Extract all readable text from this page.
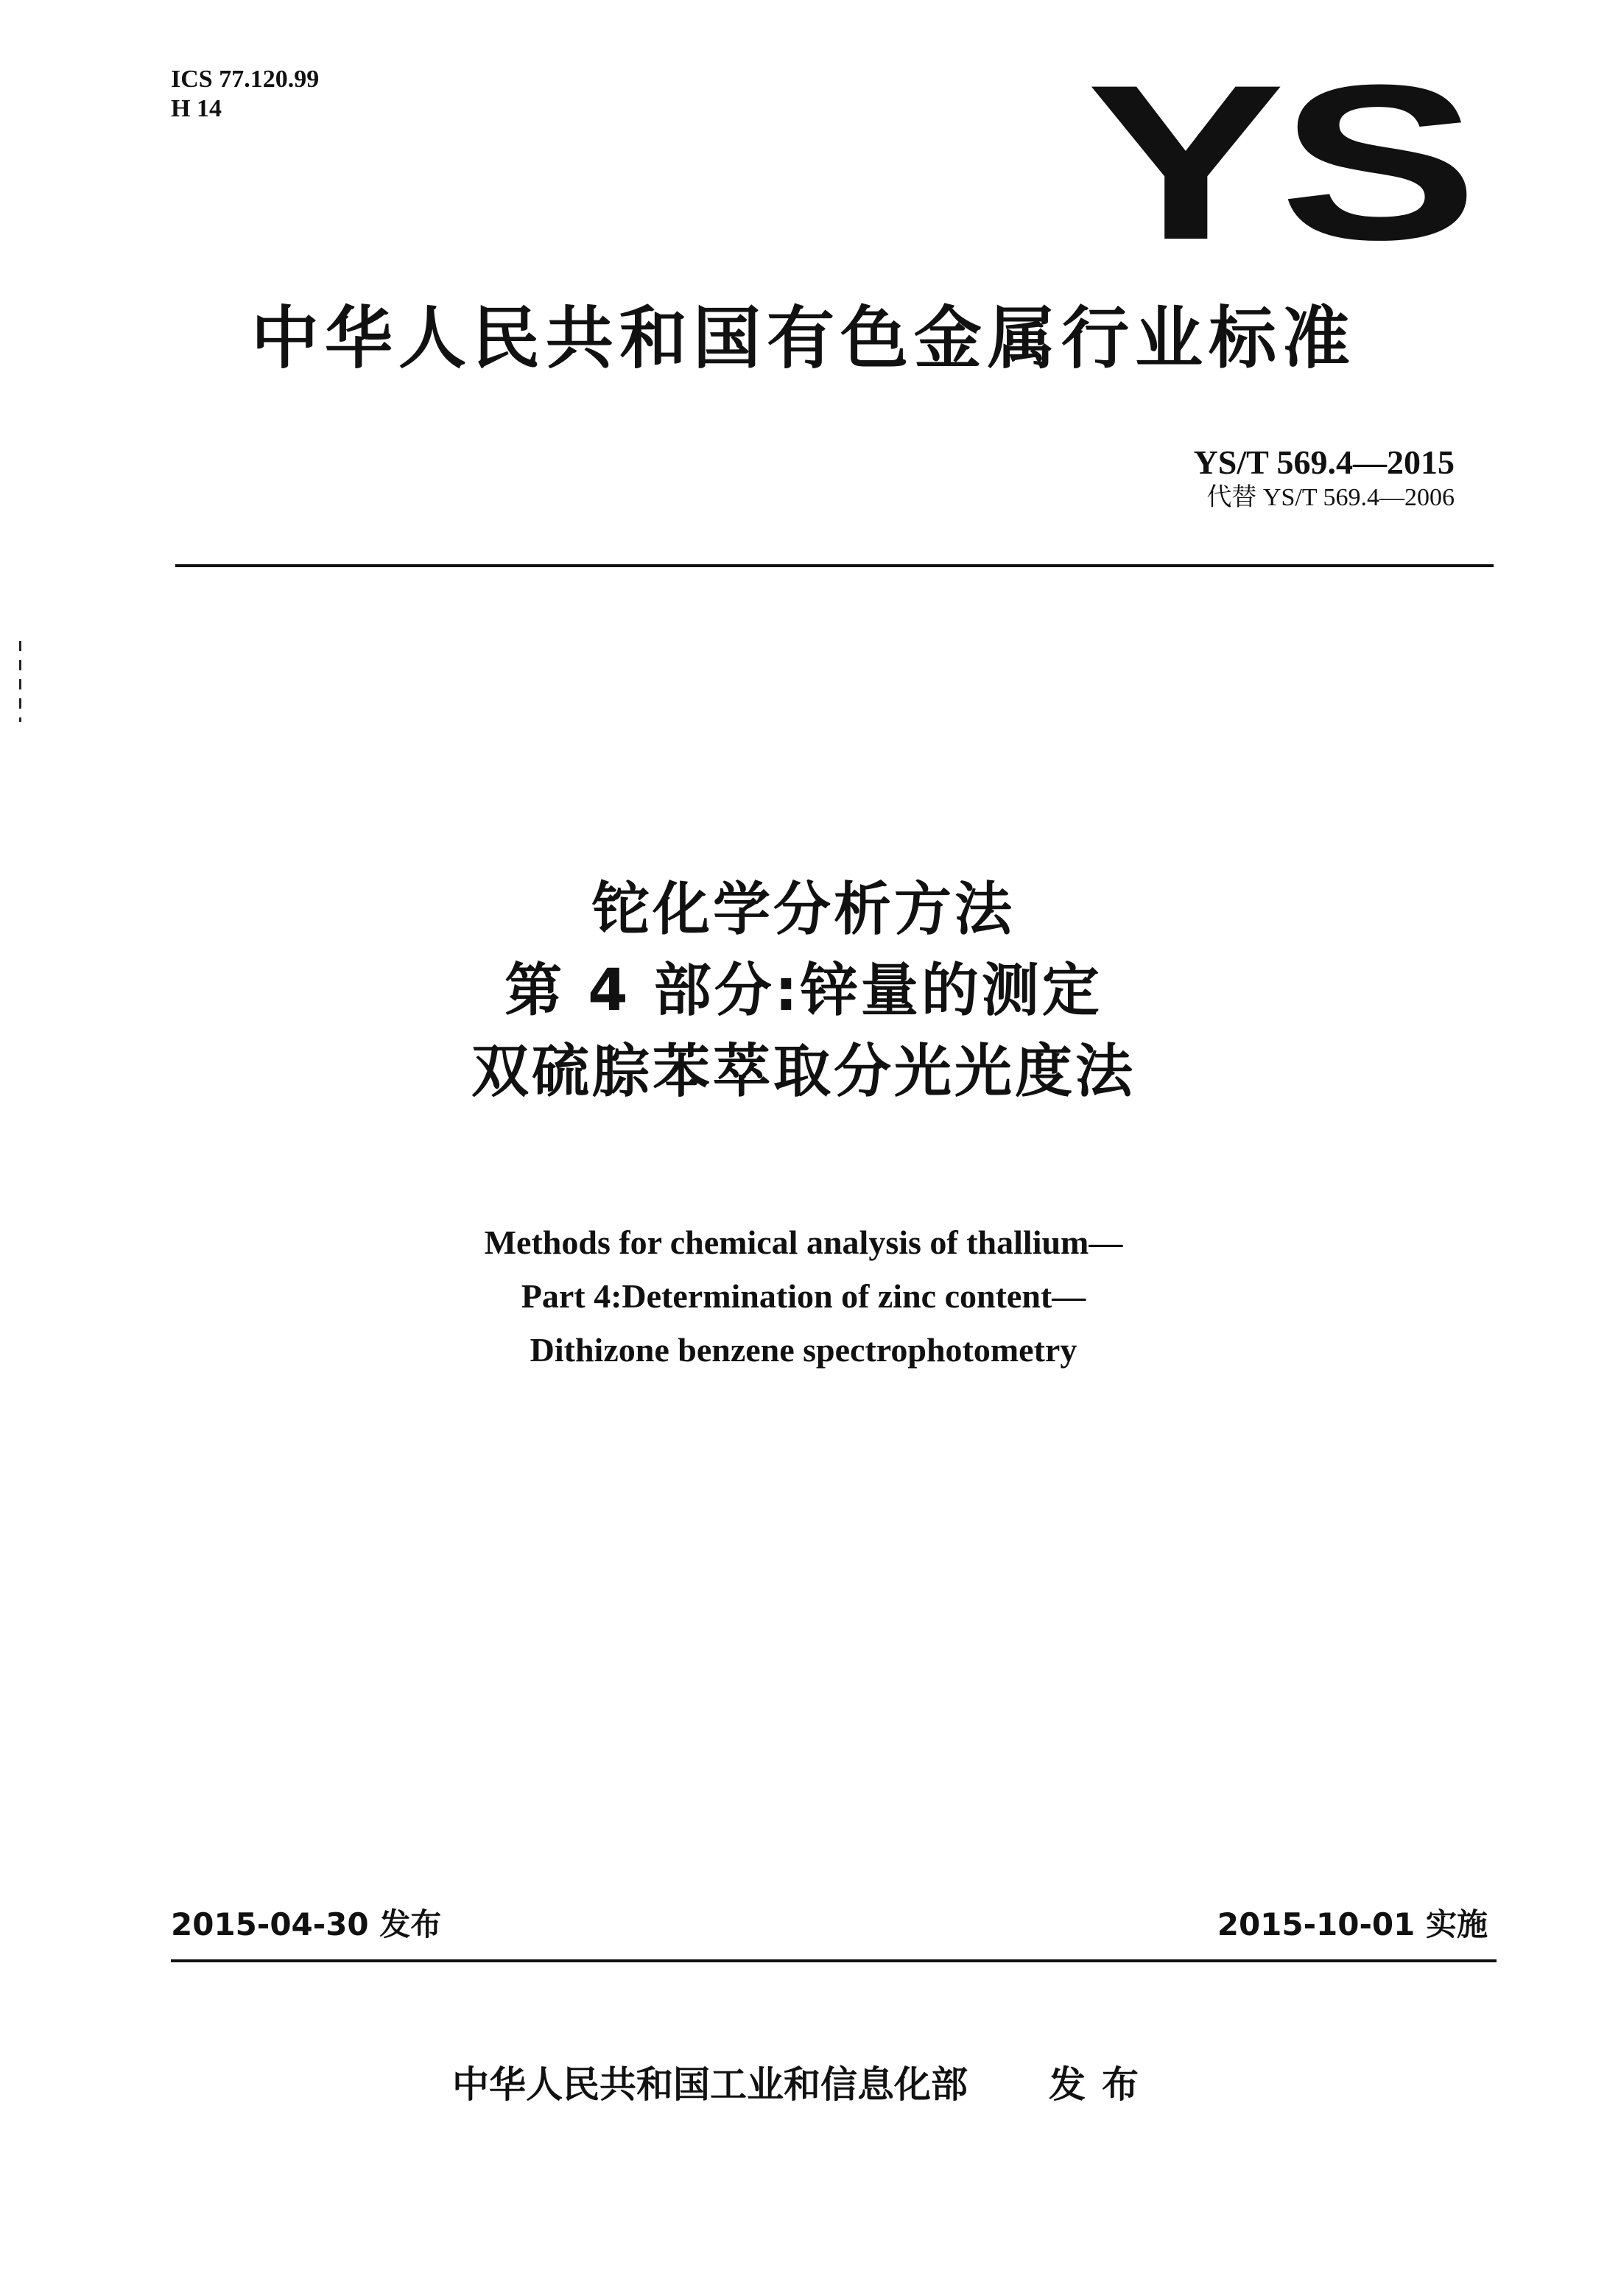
ICS 77.120.99
H 14	YS
中华人民共和国有色金属行业标准
YS/T 569.4—2015
代替 YS/T 569.4—2006
铊化学分析方法
第 4 部分:锌量的测定
双硫腙苯萃取分光光度法
Methods for chemical analysis of thallium—
Part 4:Determination of zinc content—
Dithizone benzene spectrophotometry
2015-04-30 发布	2015-10-01 实施
中华人民共和国工业和信息化部 发布
